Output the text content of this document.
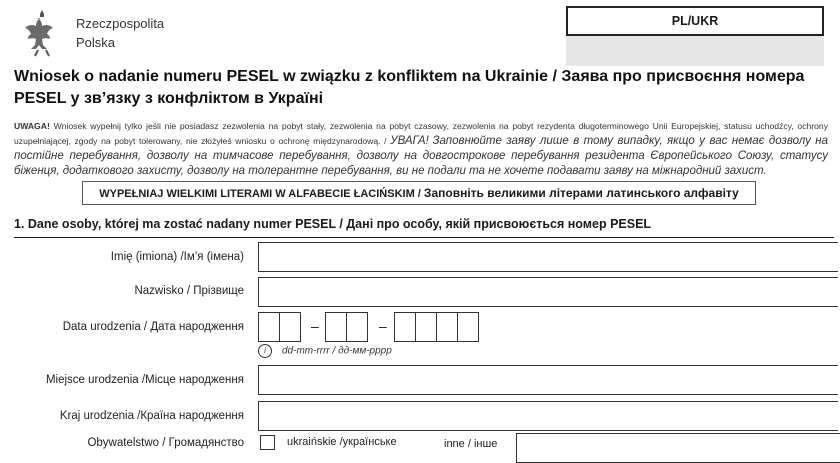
Rzeczpospolita
Polska
PL/UKR
Wniosek o nadanie numeru PESEL w związku z konfliktem na Ukrainie / Заява про присвоєння номера PESEL у зв’язку з конфліктом в Україні
UWAGA! Wniosek wypełnij tylko jeśli nie posiadasz zezwolenia na pobyt stały, zezwolenia na pobyt czasowy, zezwolenia na pobyt rezydenta długoterminowego Unii Europejskiej, statusu uchodźcy, ochrony uzupełniającej, zgody na pobyt tolerowany, nie złożyłeś wniosku o ochronę międzynarodową. / УВАГА! Заповнюйте заяву лише в тому випадку, якщо у вас немає дозволу на постійне перебування, дозволу на тимчасове перебування, дозволу на довгострокове перебування резидента Європейського Союзу, статусу біженця, додаткового захисту, дозволу на толерантне перебування, ви не подали та не хочете подавати заяву на міжнародний захист.
WYPEŁNIAJ WIELKIMI LITERAMI W ALFABECIE ŁACIŃSKIM / Заповніть великими літерами латинського алфавіту
1. Dane osoby, której ma zostać nadany numer PESEL / Дані про особу, якій присвоюється номер PESEL
Imię (imiona) /Ім’я (імена)
Nazwisko / Прізвище
Data urodzenia / Дата народження	–	–
i dd-mm-rrrr / дд-мм-рррр
Miejsce urodzenia /Місце народження
Kraj urodzenia /Країна народження
Obywatelstwo / Громадянство	ukraińskie /українське	inne / інше
